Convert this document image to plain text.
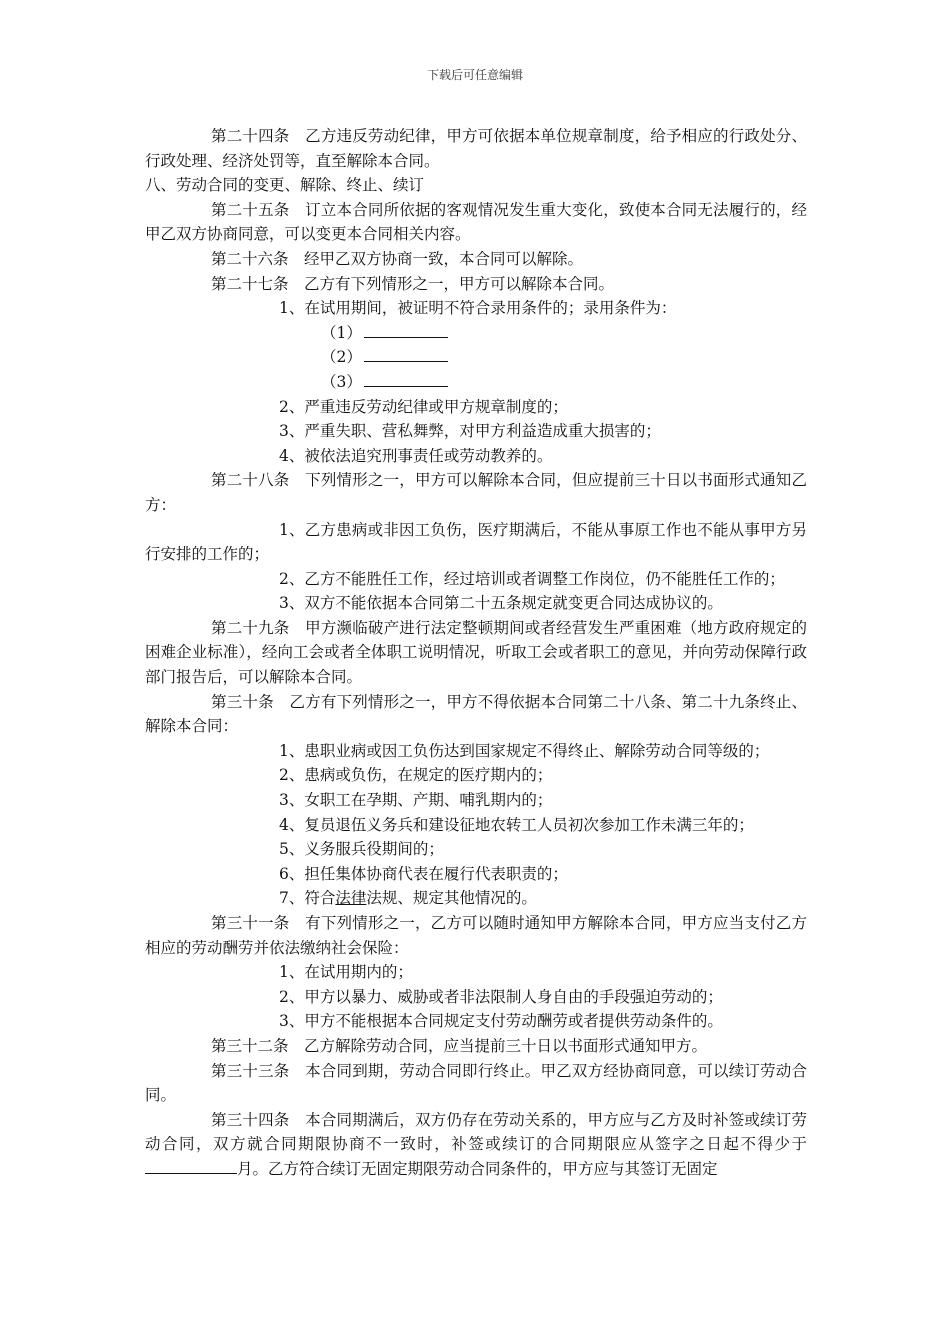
下载后可任意编辑

第二十四条　乙方违反劳动纪律，甲方可依据本单位规章制度，给予相应的行政处分、行政处理、经济处罚等，直至解除本合同。

八、劳动合同的变更、解除、终止、续订

第二十五条　订立本合同所依据的客观情况发生重大变化，致使本合同无法履行的，经甲乙双方协商同意，可以变更本合同相关内容。

第二十六条　经甲乙双方协商一致，本合同可以解除。

第二十七条　乙方有下列情形之一，甲方可以解除本合同。

1、在试用期间，被证明不符合录用条件的；录用条件为：

（1）

（2）

（3）

2、严重违反劳动纪律或甲方规章制度的；

3、严重失职、营私舞弊，对甲方利益造成重大损害的；

4、被依法追究刑事责任或劳动教养的。

第二十八条　下列情形之一，甲方可以解除本合同，但应提前三十日以书面形式通知乙方：

1、乙方患病或非因工负伤，医疗期满后，不能从事原工作也不能从事甲方另行安排的工作的；

2、乙方不能胜任工作，经过培训或者调整工作岗位，仍不能胜任工作的；

3、双方不能依据本合同第二十五条规定就变更合同达成协议的。

第二十九条　甲方濒临破产进行法定整顿期间或者经营发生严重困难（地方政府规定的困难企业标准），经向工会或者全体职工说明情况，听取工会或者职工的意见，并向劳动保障行政部门报告后，可以解除本合同。

第三十条　乙方有下列情形之一，甲方不得依据本合同第二十八条、第二十九条终止、解除本合同：

1、患职业病或因工负伤达到国家规定不得终止、解除劳动合同等级的；

2、患病或负伤，在规定的医疗期内的；

3、女职工在孕期、产期、哺乳期内的；

4、复员退伍义务兵和建设征地农转工人员初次参加工作未满三年的；

5、义务服兵役期间的；

6、担任集体协商代表在履行代表职责的；

7、符合法律法规、规定其他情况的。

第三十一条　有下列情形之一，乙方可以随时通知甲方解除本合同，甲方应当支付乙方相应的劳动酬劳并依法缴纳社会保险：

1、在试用期内的；

2、甲方以暴力、威胁或者非法限制人身自由的手段强迫劳动的；

3、甲方不能根据本合同规定支付劳动酬劳或者提供劳动条件的。

第三十二条　乙方解除劳动合同，应当提前三十日以书面形式通知甲方。

第三十三条　本合同到期，劳动合同即行终止。甲乙双方经协商同意，可以续订劳动合同。

第三十四条　本合同期满后，双方仍存在劳动关系的，甲方应与乙方及时补签或续订劳动合同，双方就合同期限协商不一致时，补签或续订的合同期限应从签字之日起不得少于月。乙方符合续订无固定期限劳动合同条件的，甲方应与其签订无固定
